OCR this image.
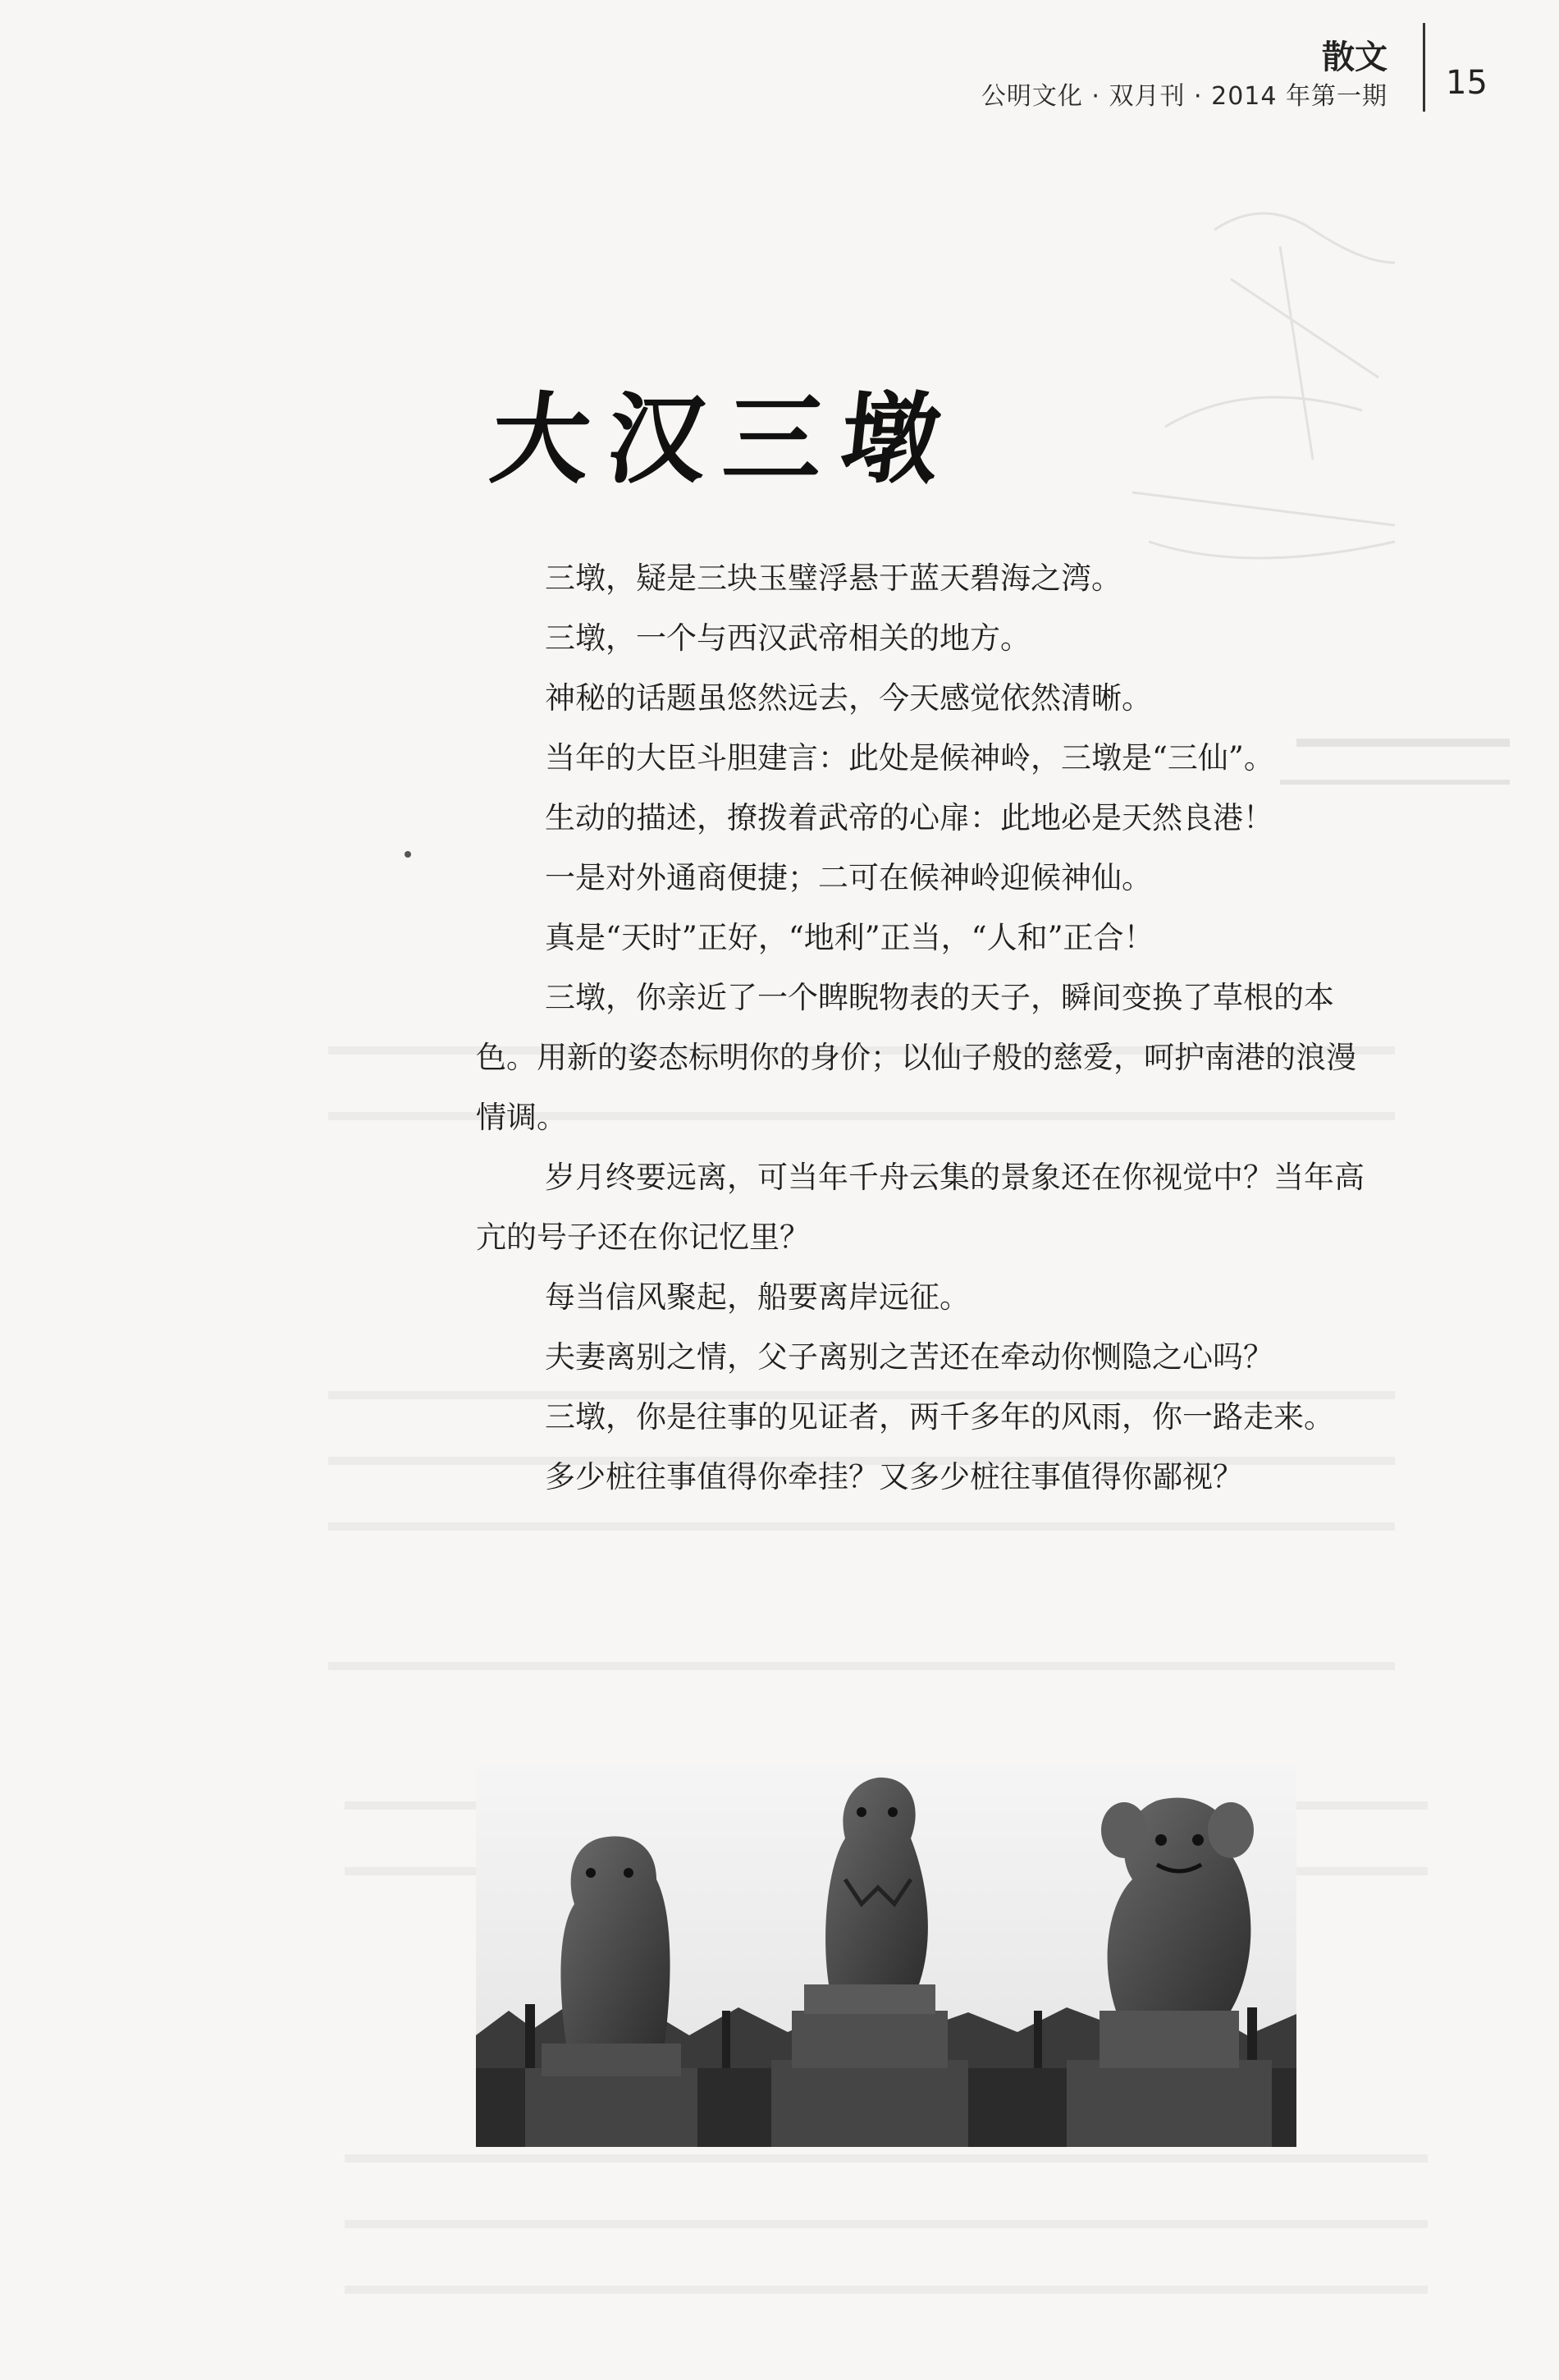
散文
公明文化 · 双月刊 · 2014 年第一期 15
大汉三墩

三墩，疑是三块玉璧浮悬于蓝天碧海之湾。

三墩，一个与西汉武帝相关的地方。

神秘的话题虽悠然远去，今天感觉依然清晰。

当年的大臣斗胆建言：此处是候神岭，三墩是“三仙”。

生动的描述，撩拨着武帝的心扉：此地必是天然良港！

一是对外通商便捷；二可在候神岭迎候神仙。

真是“天时”正好，“地利”正当，“人和”正合！

三墩，你亲近了一个睥睨物表的天子，瞬间变换了草根的本色。用新的姿态标明你的身价；以仙子般的慈爱，呵护南港的浪漫情调。

岁月终要远离，可当年千舟云集的景象还在你视觉中？当年高亢的号子还在你记忆里？

每当信风聚起，船要离岸远征。

夫妻离别之情，父子离别之苦还在牵动你恻隐之心吗？

三墩，你是往事的见证者，两千多年的风雨，你一路走来。

多少桩往事值得你牵挂？又多少桩往事值得你鄙视？
